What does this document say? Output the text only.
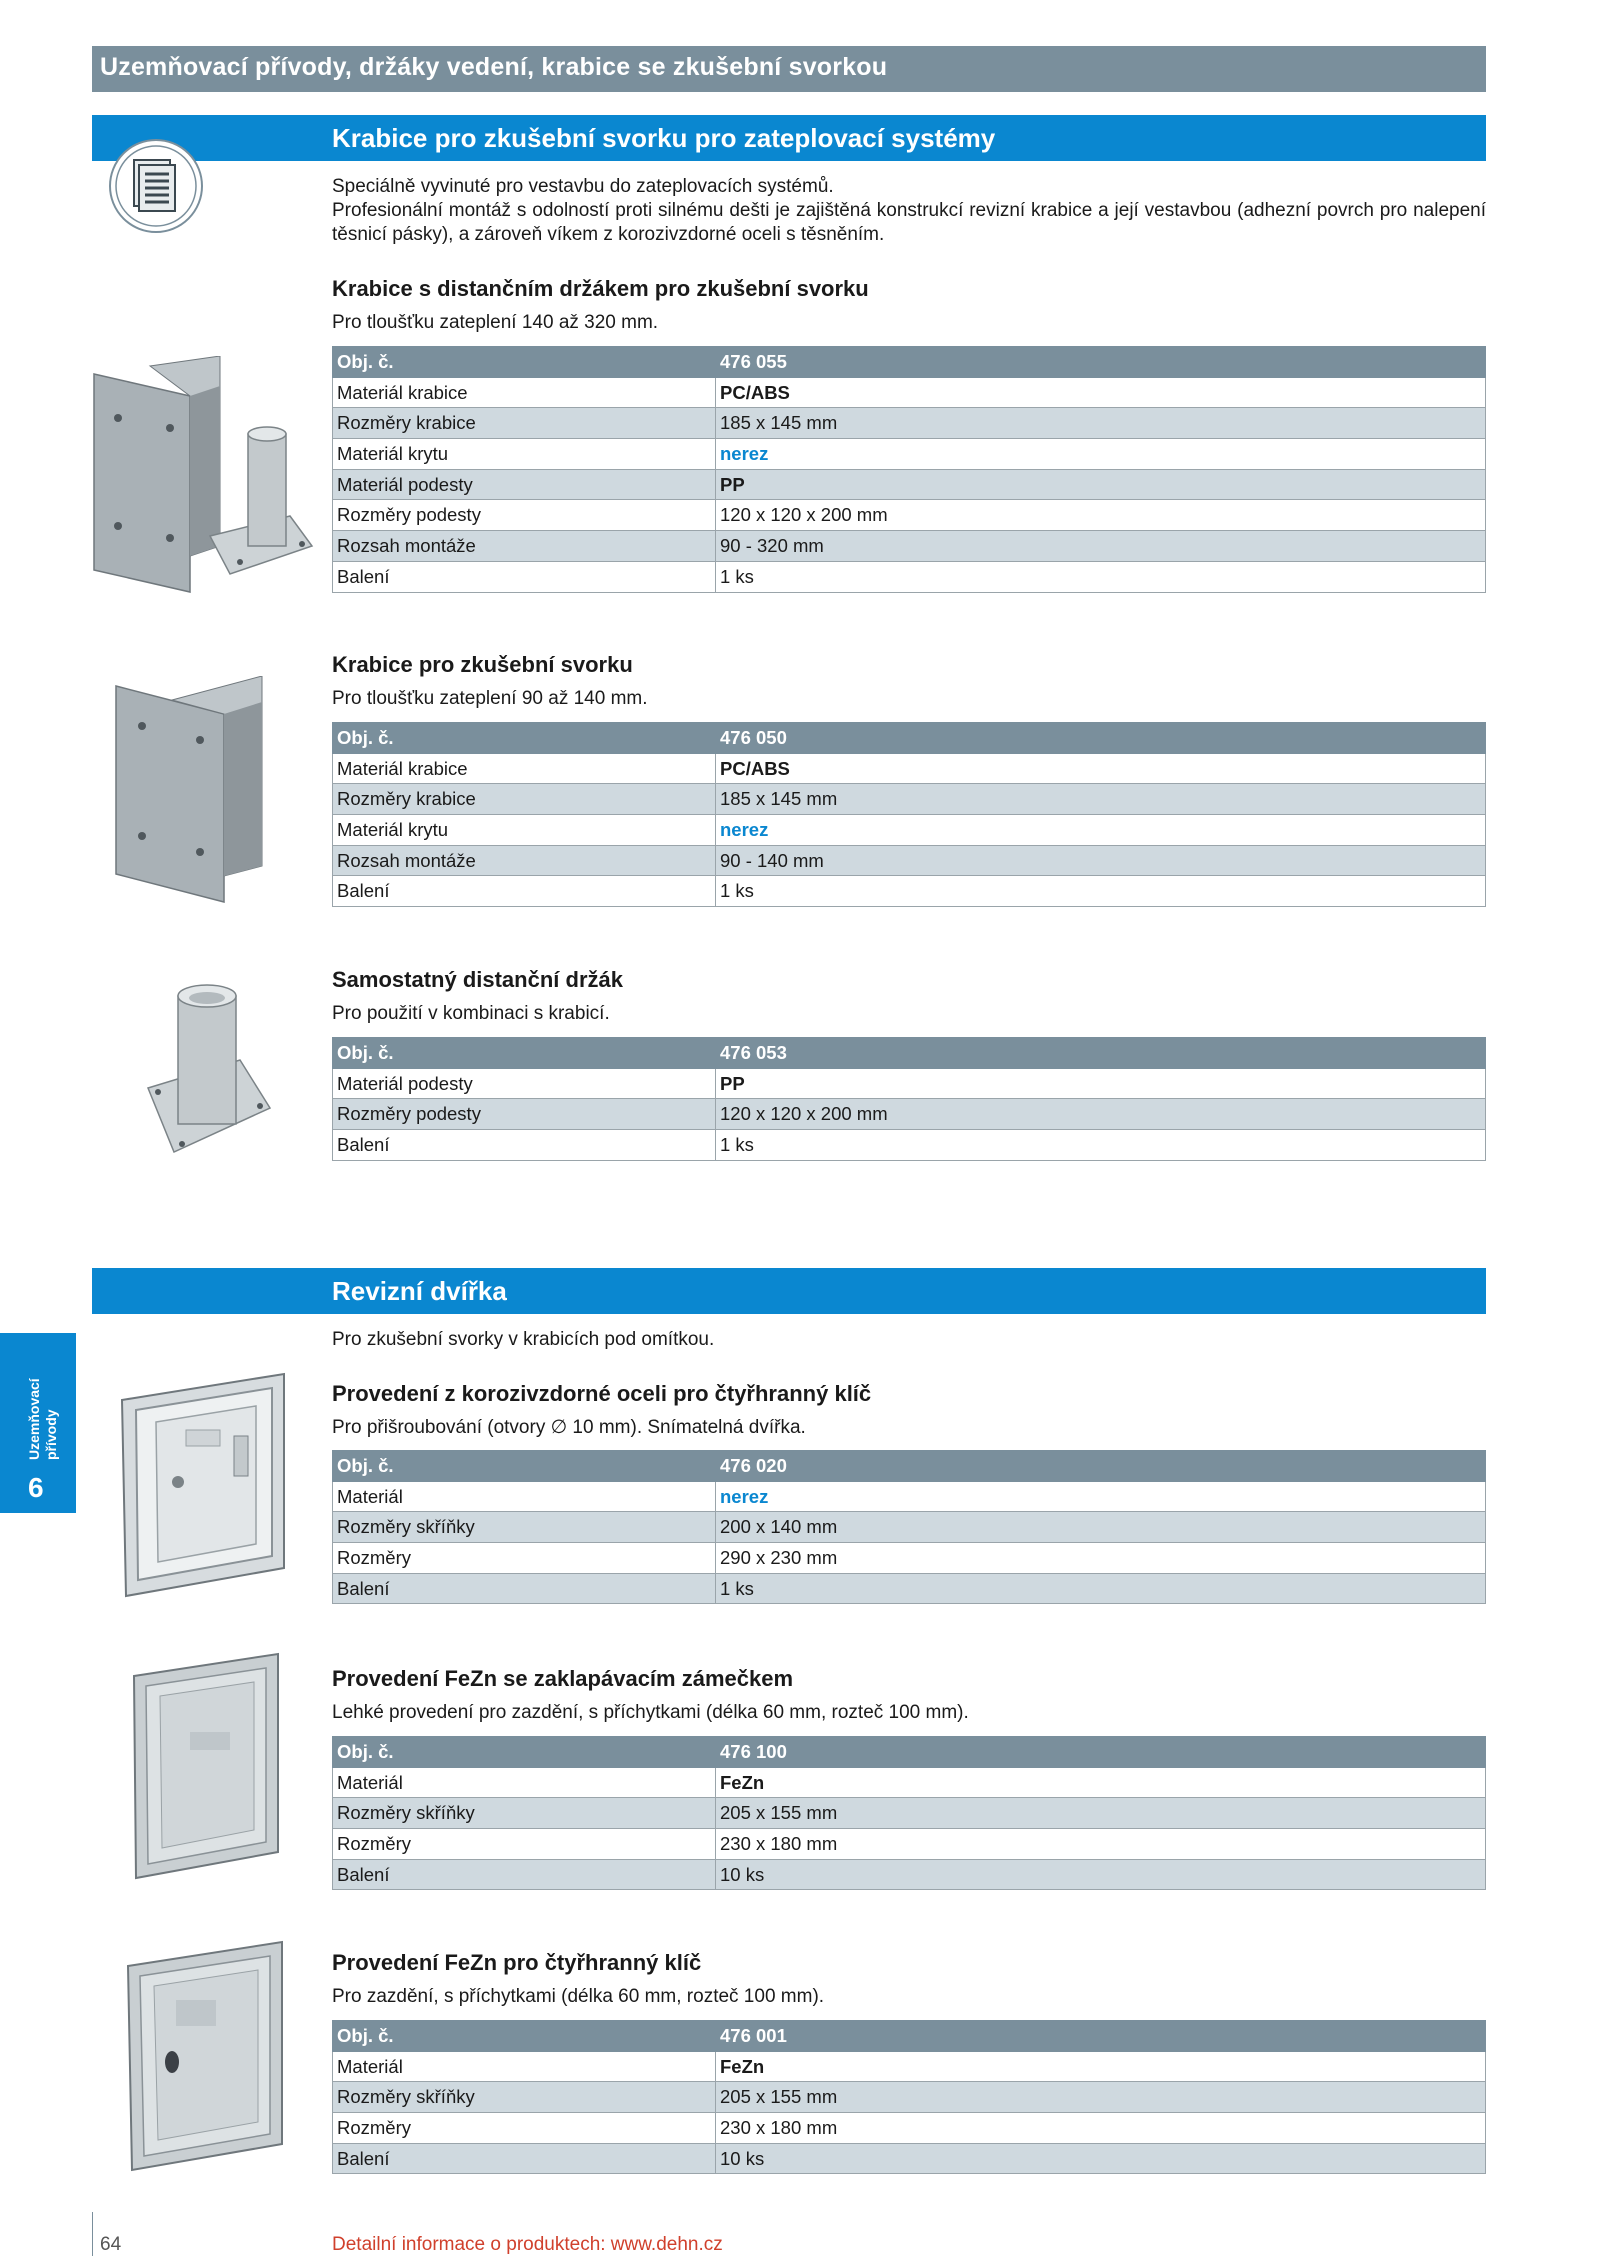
Uzemňovací přívody, držáky vedení, krabice se zkušební svorkou
Krabice pro zkušební svorku pro zateplovací systémy
Speciálně vyvinuté pro vestavbu do zateplovacích systémů.
Profesionální montáž s odolností proti silnému dešti je zajištěná konstrukcí revizní krabice a její vestavbou (adhezní povrch pro nalepení
těsnicí pásky), a zároveň víkem z korozivzdorné oceli s těsněním.
Krabice s distančním držákem pro zkušební svorku
Pro tloušťku zateplení 140 až 320 mm.
Obj. č.	476 055
Materiál krabice	PC/ABS
Rozměry krabice	185 x 145 mm
Materiál krytu	nerez
Materiál podesty	PP
Rozměry podesty	120 x 120 x 200 mm
Rozsah montáže	90 - 320 mm
Balení	1 ks
Krabice pro zkušební svorku
Pro tloušťku zateplení 90 až 140 mm.
Obj. č.	476 050
Materiál krabice	PC/ABS
Rozměry krabice	185 x 145 mm
Materiál krytu	nerez
Rozsah montáže	90 - 140 mm
Balení	1 ks
Samostatný distanční držák
Pro použití v kombinaci s krabicí.
Obj. č.	476 053
Materiál podesty	PP
Rozměry podesty	120 x 120 x 200 mm
Balení	1 ks
Revizní dvířka
Pro zkušební svorky v krabicích pod omítkou.
Uzemňovací přívody
6
Provedení z korozivzdorné oceli pro čtyřhranný klíč
Pro přišroubování (otvory ∅ 10 mm). Snímatelná dvířka.
Obj. č.	476 020
Materiál	nerez
Rozměry skříňky	200 x 140 mm
Rozměry	290 x 230 mm
Balení	1 ks
Provedení FeZn se zaklapávacím zámečkem
Lehké provedení pro zazdění, s příchytkami (délka 60 mm, rozteč 100 mm).
Obj. č.	476 100
Materiál	FeZn
Rozměry skříňky	205 x 155 mm
Rozměry	230 x 180 mm
Balení	10 ks
Provedení FeZn pro čtyřhranný klíč
Pro zazdění, s příchytkami (délka 60 mm, rozteč 100 mm).
Obj. č.	476 001
Materiál	FeZn
Rozměry skříňky	205 x 155 mm
Rozměry	230 x 180 mm
Balení	10 ks
64	Detailní informace o produktech: www.dehn.cz
